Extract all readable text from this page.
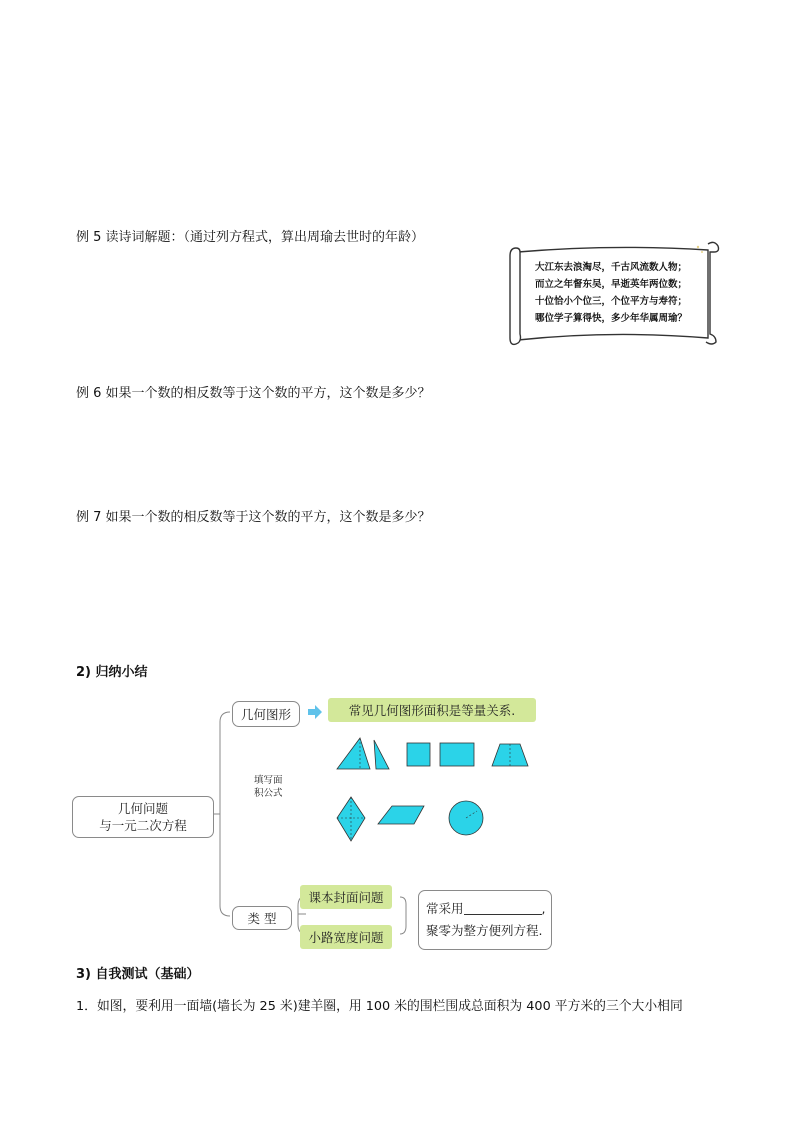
例 5 读诗词解题：（通过列方程式，算出周瑜去世时的年龄）
大江东去浪淘尽，千古风流数人物；
而立之年督东吴，早逝英年两位数；
十位恰小个位三，个位平方与寿符；
哪位学子算得快，多少年华属周瑜？
例 6 如果一个数的相反数等于这个数的平方，这个数是多少？
例 7 如果一个数的相反数等于这个数的平方，这个数是多少？
2) 归纳小结
几何问题
与一元二次方程
几何图形	常见几何图形面积是等量关系.
填写面
积公式
类 型
课本封面问题
小路宽度问题
常采用	,
聚零为整方便列方程.
3) 自我测试（基础）
1．如图，要利用一面墙(墙长为 25 米)建羊圈，用 100 米的围栏围成总面积为 400 平方米的三个大小相同
